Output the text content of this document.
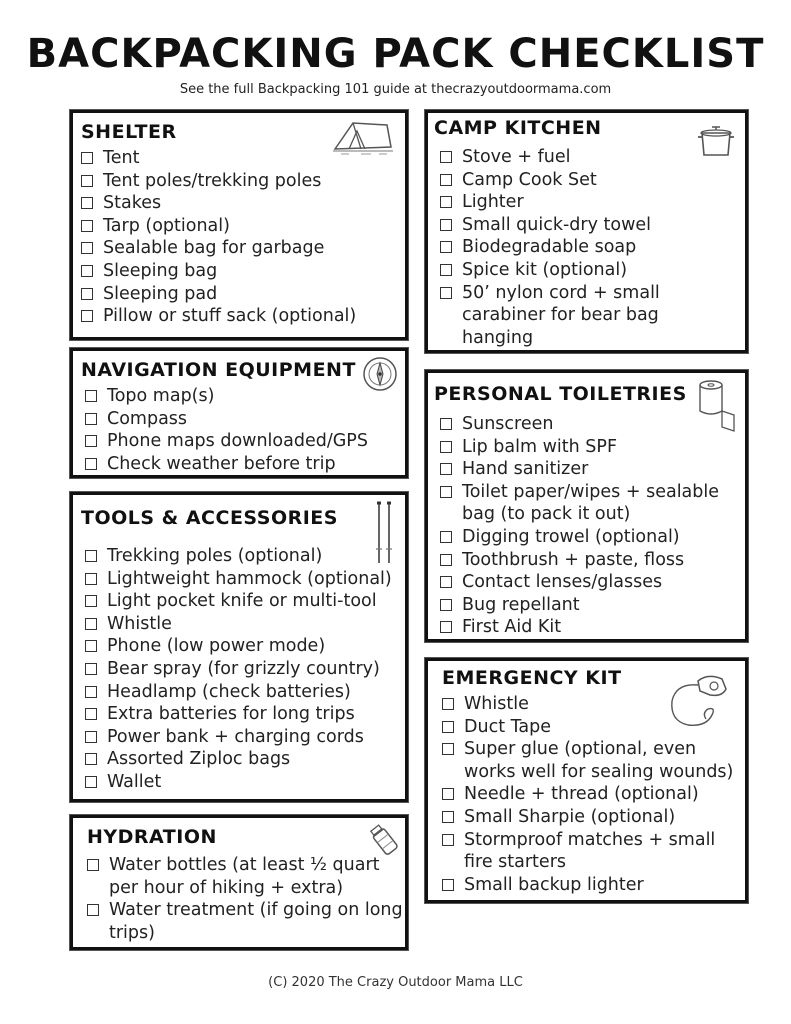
BACKPACKING PACK CHECKLIST
See the full Backpacking 101 guide at thecrazyoutdoormama.com
SHELTER
Tent
Tent poles/trekking poles
Stakes
Tarp (optional)
Sealable bag for garbage
Sleeping bag
Sleeping pad
Pillow or stuff sack (optional)
NAVIGATION EQUIPMENT
Topo map(s)
Compass
Phone maps downloaded/GPS
Check weather before trip
TOOLS & ACCESSORIES
Trekking poles (optional)
Lightweight hammock (optional)
Light pocket knife or multi-tool
Whistle
Phone (low power mode)
Bear spray (for grizzly country)
Headlamp (check batteries)
Extra batteries for long trips
Power bank + charging cords
Assorted Ziploc bags
Wallet
HYDRATION
Water bottles (at least ½ quart per hour of hiking + extra)
Water treatment (if going on long trips)
CAMP KITCHEN
Stove + fuel
Camp Cook Set
Lighter
Small quick-dry towel
Biodegradable soap
Spice kit (optional)
50’ nylon cord + small carabiner for bear bag hanging
PERSONAL TOILETRIES
Sunscreen
Lip balm with SPF
Hand sanitizer
Toilet paper/wipes + sealable bag (to pack it out)
Digging trowel (optional)
Toothbrush + paste, floss
Contact lenses/glasses
Bug repellant
First Aid Kit
EMERGENCY KIT
Whistle
Duct Tape
Super glue (optional, even works well for sealing wounds)
Needle + thread (optional)
Small Sharpie (optional)
Stormproof matches + small fire starters
Small backup lighter
(C) 2020 The Crazy Outdoor Mama LLC
